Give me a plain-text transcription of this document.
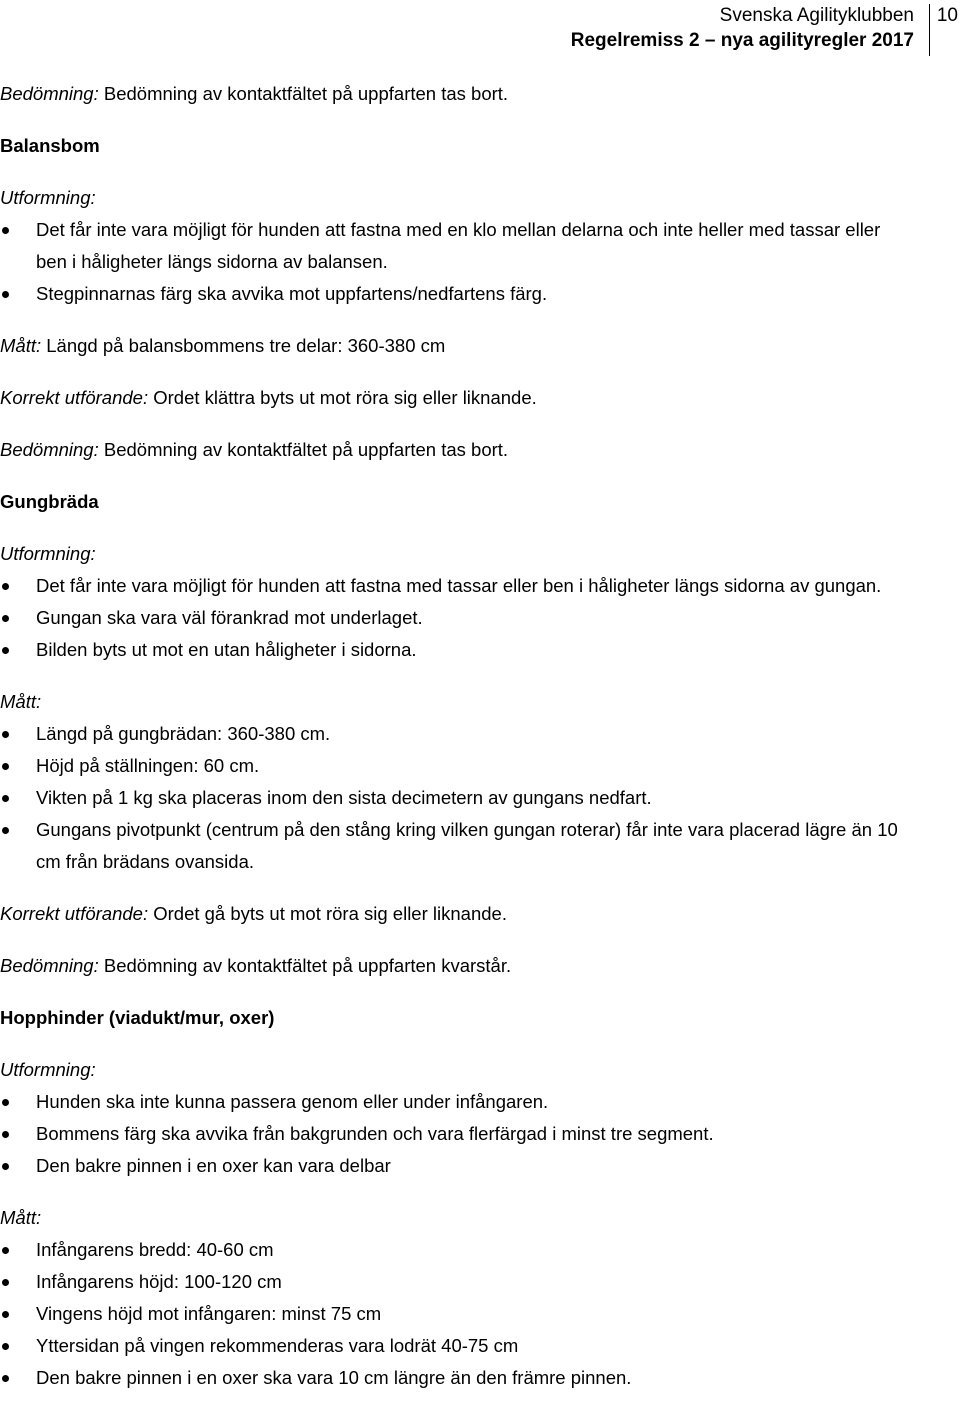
Svenska Agilityklubben
Regelremiss 2 – nya agilityregler 2017
10

Bedömning: Bedömning av kontaktfältet på uppfarten tas bort.

Balansbom

Utformning:

Det får inte vara möjligt för hunden att fastna med en klo mellan delarna och inte heller med tassar eller ben i håligheter längs sidorna av balansen.
Stegpinnarnas färg ska avvika mot uppfartens/nedfartens färg.

Mått: Längd på balansbommens tre delar: 360-380 cm

Korrekt utförande: Ordet klättra byts ut mot röra sig eller liknande.

Bedömning: Bedömning av kontaktfältet på uppfarten tas bort.

Gungbräda

Utformning:

Det får inte vara möjligt för hunden att fastna med tassar eller ben i håligheter längs sidorna av gungan.
Gungan ska vara väl förankrad mot underlaget.
Bilden byts ut mot en utan håligheter i sidorna.

Mått:

Längd på gungbrädan: 360-380 cm.
Höjd på ställningen: 60 cm.
Vikten på 1 kg ska placeras inom den sista decimetern av gungans nedfart.
Gungans pivotpunkt (centrum på den stång kring vilken gungan roterar) får inte vara placerad lägre än 10 cm från brädans ovansida.

Korrekt utförande: Ordet gå byts ut mot röra sig eller liknande.

Bedömning: Bedömning av kontaktfältet på uppfarten kvarstår.

Hopphinder (viadukt/mur, oxer)

Utformning:

Hunden ska inte kunna passera genom eller under infångaren.
Bommens färg ska avvika från bakgrunden och vara flerfärgad i minst tre segment.
Den bakre pinnen i en oxer kan vara delbar

Mått:

Infångarens bredd: 40-60 cm
Infångarens höjd: 100-120 cm
Vingens höjd mot infångaren: minst 75 cm
Yttersidan på vingen rekommenderas vara lodrät 40-75 cm
Den bakre pinnen i en oxer ska vara 10 cm längre än den främre pinnen.
